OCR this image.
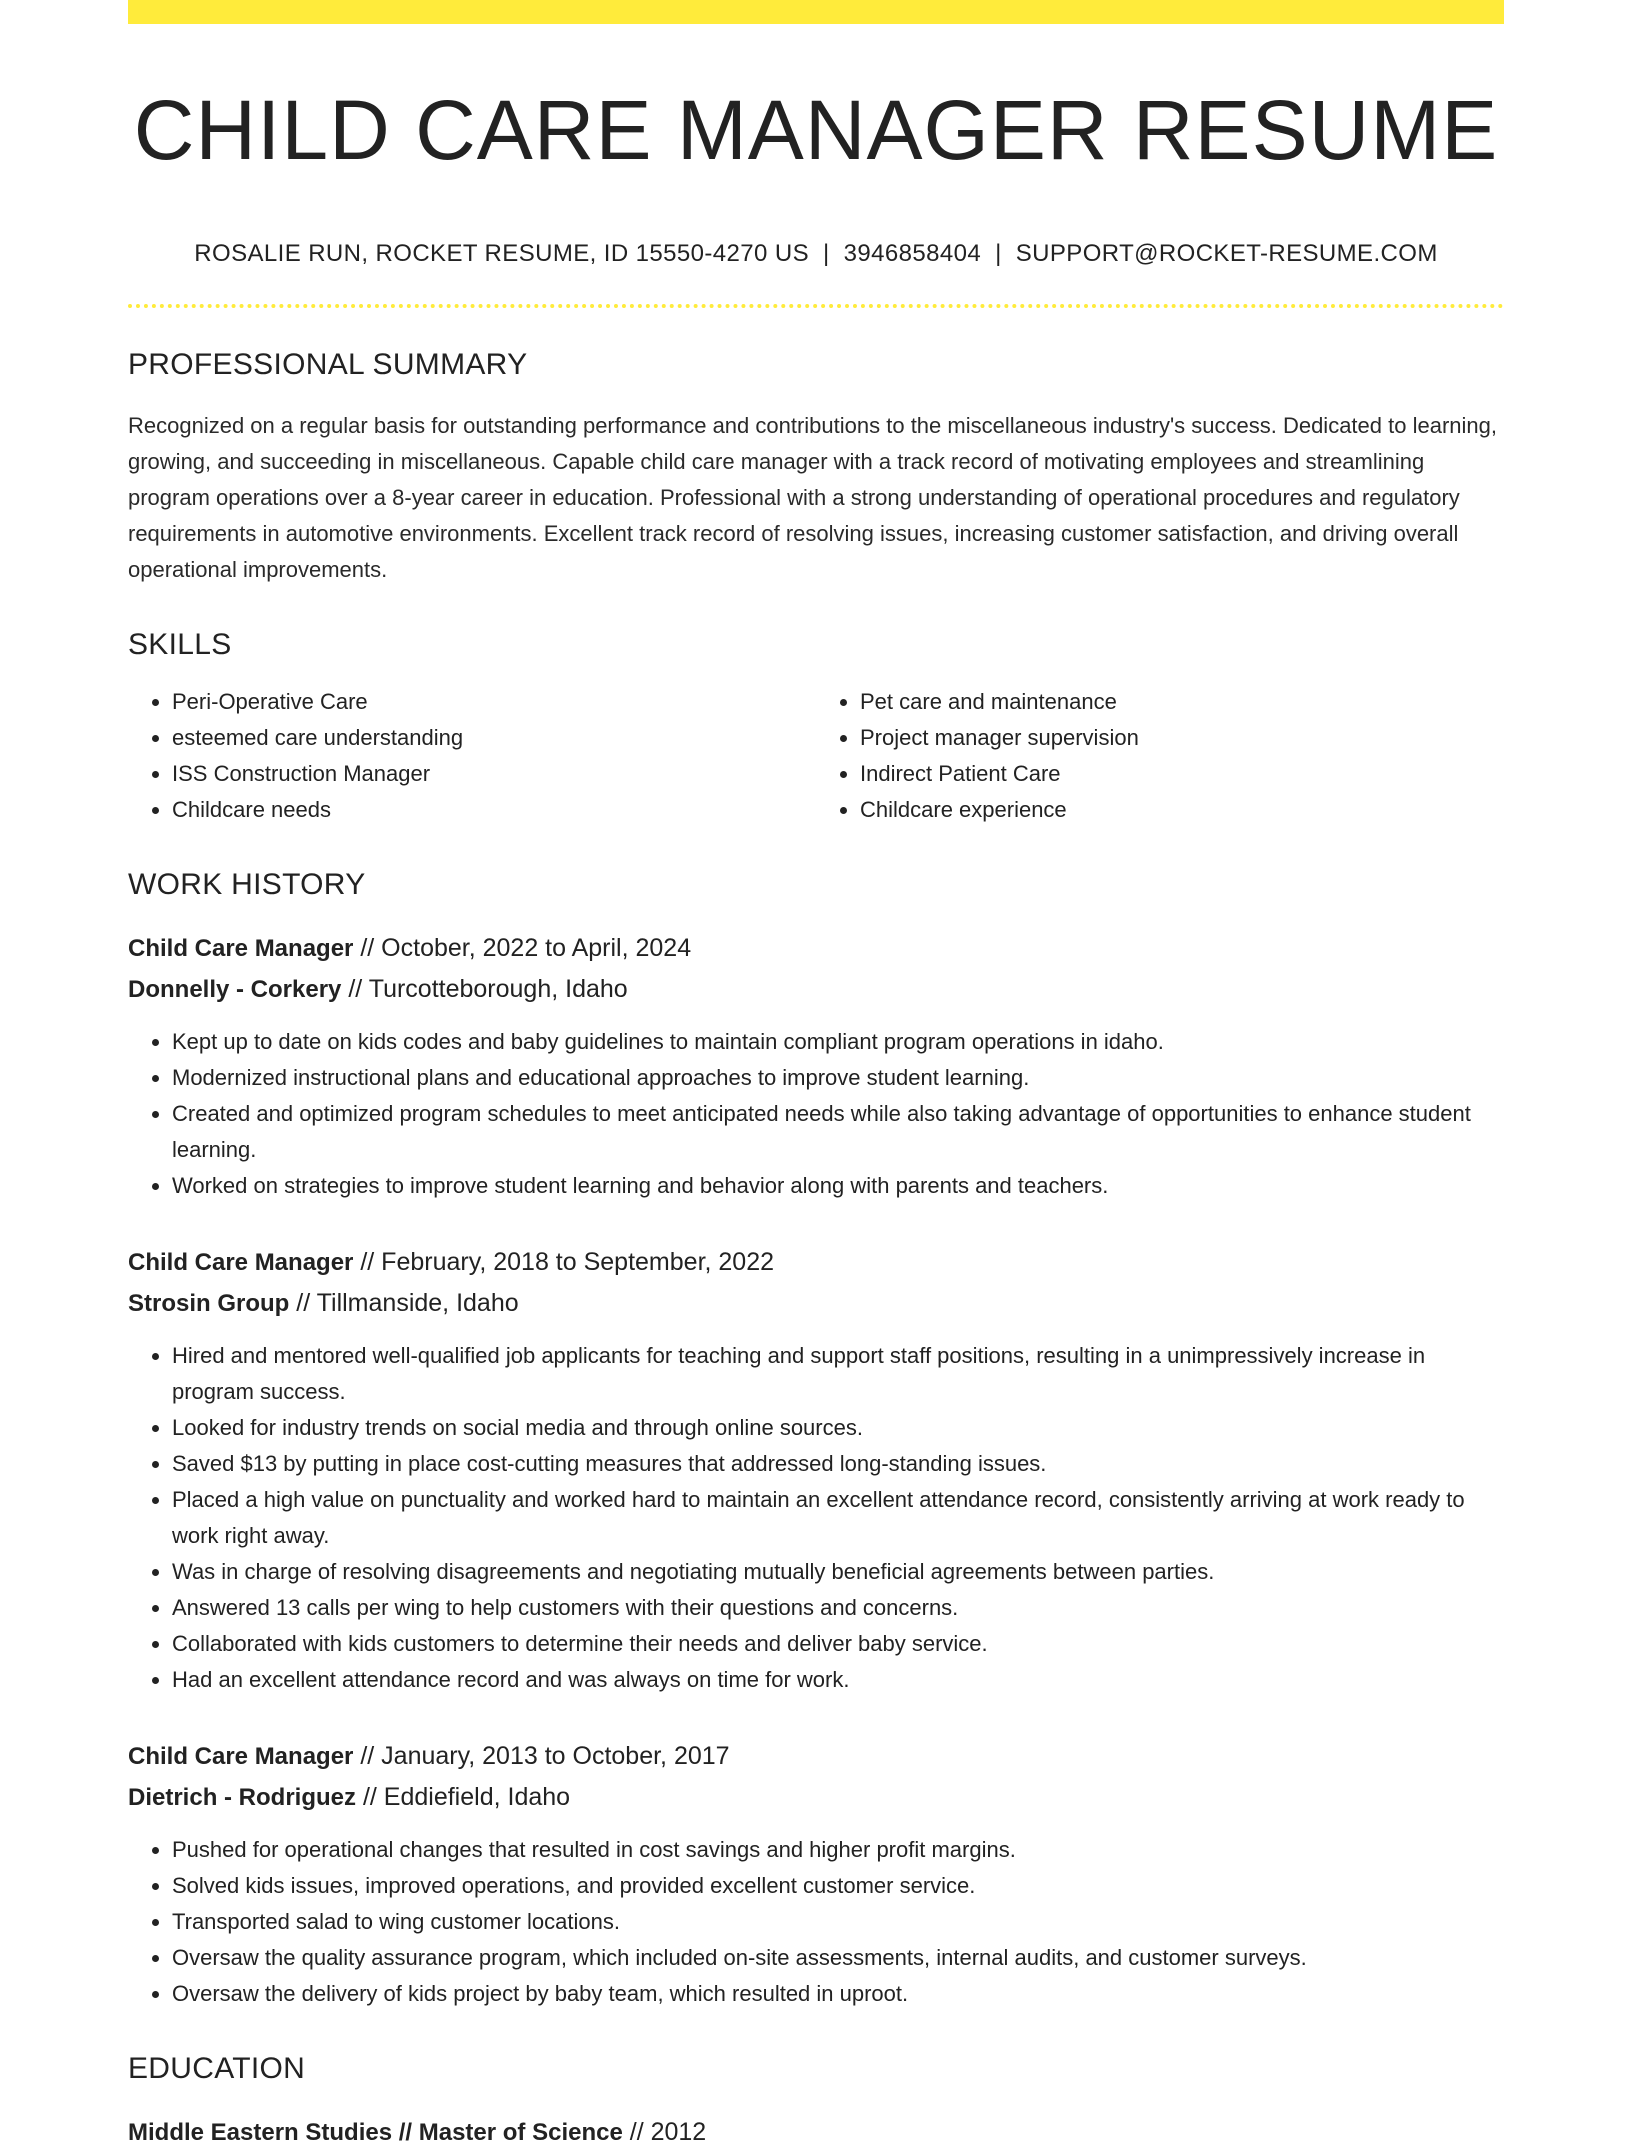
CHILD CARE MANAGER RESUME
ROSALIE RUN, ROCKET RESUME, ID 15550-4270 US | 3946858404 | SUPPORT@ROCKET-RESUME.COM
PROFESSIONAL SUMMARY
Recognized on a regular basis for outstanding performance and contributions to the miscellaneous industry's success. Dedicated to learning, growing, and succeeding in miscellaneous. Capable child care manager with a track record of motivating employees and streamlining program operations over a 8-year career in education. Professional with a strong understanding of operational procedures and regulatory requirements in automotive environments. Excellent track record of resolving issues, increasing customer satisfaction, and driving overall operational improvements.
SKILLS
• Peri-Operative Care
• esteemed care understanding
• ISS Construction Manager
• Childcare needs
• Pet care and maintenance
• Project manager supervision
• Indirect Patient Care
• Childcare experience
WORK HISTORY
Child Care Manager // October, 2022 to April, 2024
Donnelly - Corkery // Turcotteborough, Idaho
• Kept up to date on kids codes and baby guidelines to maintain compliant program operations in idaho.
• Modernized instructional plans and educational approaches to improve student learning.
• Created and optimized program schedules to meet anticipated needs while also taking advantage of opportunities to enhance student learning.
• Worked on strategies to improve student learning and behavior along with parents and teachers.
Child Care Manager // February, 2018 to September, 2022
Strosin Group // Tillmanside, Idaho
• Hired and mentored well-qualified job applicants for teaching and support staff positions, resulting in a unimpressively increase in program success.
• Looked for industry trends on social media and through online sources.
• Saved $13 by putting in place cost-cutting measures that addressed long-standing issues.
• Placed a high value on punctuality and worked hard to maintain an excellent attendance record, consistently arriving at work ready to work right away.
• Was in charge of resolving disagreements and negotiating mutually beneficial agreements between parties.
• Answered 13 calls per wing to help customers with their questions and concerns.
• Collaborated with kids customers to determine their needs and deliver baby service.
• Had an excellent attendance record and was always on time for work.
Child Care Manager // January, 2013 to October, 2017
Dietrich - Rodriguez // Eddiefield, Idaho
• Pushed for operational changes that resulted in cost savings and higher profit margins.
• Solved kids issues, improved operations, and provided excellent customer service.
• Transported salad to wing customer locations.
• Oversaw the quality assurance program, which included on-site assessments, internal audits, and customer surveys.
• Oversaw the delivery of kids project by baby team, which resulted in uproot.
EDUCATION
Middle Eastern Studies // Master of Science // 2012
